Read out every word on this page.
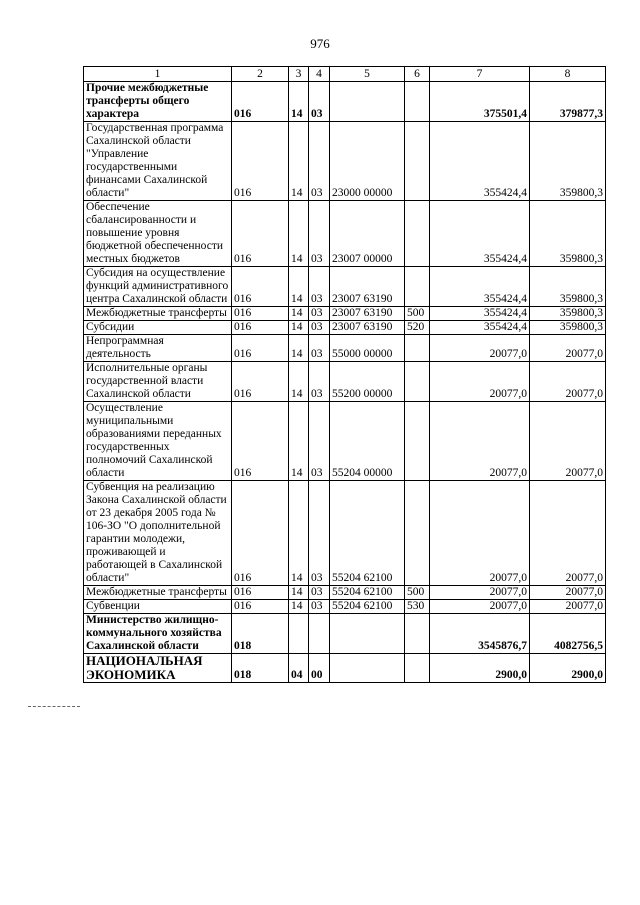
976
1	2	3	4	5	6	7	8
Прочие межбюджетные трансферты общего характера	016	14	03			375501,4	379877,3
Государственная программа Сахалинской области "Управление государственными финансами Сахалинской области"	016	14	03	23000 00000		355424,4	359800,3
Обеспечение сбалансированности и повышение уровня бюджетной обеспеченности местных бюджетов	016	14	03	23007 00000		355424,4	359800,3
Субсидия на осуществление функций административного центра Сахалинской области	016	14	03	23007 63190		355424,4	359800,3
Межбюджетные трансферты	016	14	03	23007 63190	500	355424,4	359800,3
Субсидии	016	14	03	23007 63190	520	355424,4	359800,3
Непрограммная деятельность	016	14	03	55000 00000		20077,0	20077,0
Исполнительные органы государственной власти Сахалинской области	016	14	03	55200 00000		20077,0	20077,0
Осуществление муниципальными образованиями переданных государственных полномочий Сахалинской области	016	14	03	55204 00000		20077,0	20077,0
Субвенция на реализацию Закона Сахалинской области от 23 декабря 2005 года № 106-ЗО "О дополнительной гарантии молодежи, проживающей и работающей в Сахалинской области"	016	14	03	55204 62100		20077,0	20077,0
Межбюджетные трансферты	016	14	03	55204 62100	500	20077,0	20077,0
Субвенции	016	14	03	55204 62100	530	20077,0	20077,0
Министерство жилищно-коммунального хозяйства Сахалинской области	018					3545876,7	4082756,5
НАЦИОНАЛЬНАЯ ЭКОНОМИКА	018	04	00			2900,0	2900,0
